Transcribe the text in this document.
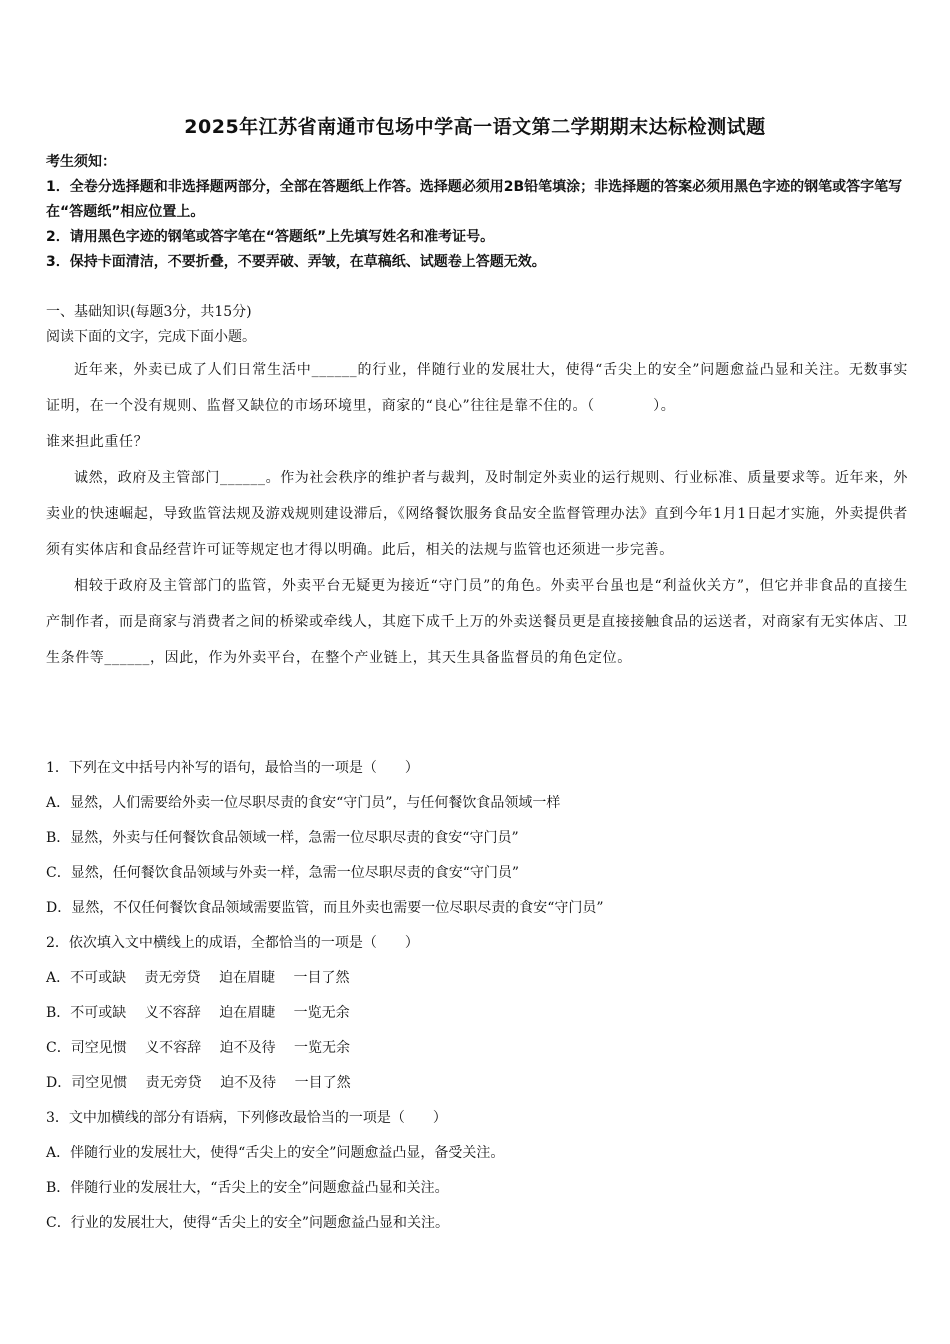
2025年江苏省南通市包场中学高一语文第二学期期末达标检测试题

考生须知：

1．全卷分选择题和非选择题两部分，全部在答题纸上作答。选择题必须用2B铅笔填涂；非选择题的答案必须用黑色字迹的钢笔或答字笔写在“答题纸”相应位置上。

2．请用黑色字迹的钢笔或答字笔在“答题纸”上先填写姓名和准考证号。

3．保持卡面清洁，不要折叠，不要弄破、弄皱，在草稿纸、试题卷上答题无效。

一、基础知识(每题3分，共15分)

阅读下面的文字，完成下面小题。

近年来，外卖已成了人们日常生活中______的行业，伴随行业的发展壮大，使得“舌尖上的安全”问题愈益凸显和关注。无数事实证明，在一个没有规则、监督又缺位的市场环境里，商家的“良心”往往是靠不住的。（　　　　）。

谁来担此重任？

诚然，政府及主管部门______。作为社会秩序的维护者与裁判，及时制定外卖业的运行规则、行业标准、质量要求等。近年来，外卖业的快速崛起，导致监管法规及游戏规则建设滞后，《网络餐饮服务食品安全监督管理办法》直到今年1月1日起才实施，外卖提供者须有实体店和食品经营许可证等规定也才得以明确。此后，相关的法规与监管也还须进一步完善。

相较于政府及主管部门的监管，外卖平台无疑更为接近“守门员”的角色。外卖平台虽也是“利益伙关方”，但它并非食品的直接生产制作者，而是商家与消费者之间的桥梁或牵线人，其庭下成千上万的外卖送餐员更是直接接触食品的运送者，对商家有无实体店、卫生条件等______，因此，作为外卖平台，在整个产业链上，其天生具备监督员的角色定位。

1．下列在文中括号内补写的语句，最恰当的一项是（　　）

A．显然，人们需要给外卖一位尽职尽责的食安“守门员”，与任何餐饮食品领域一样

B．显然，外卖与任何餐饮食品领域一样，急需一位尽职尽责的食安“守门员”

C．显然，任何餐饮食品领域与外卖一样，急需一位尽职尽责的食安“守门员”

D．显然，不仅任何餐饮食品领域需要监管，而且外卖也需要一位尽职尽责的食安“守门员”

2．依次填入文中横线上的成语，全都恰当的一项是（　　）

A．不可或缺　 责无旁贷　 迫在眉睫　 一目了然

B．不可或缺　 义不容辞　 迫在眉睫　 一览无余

C．司空见惯　 义不容辞　 迫不及待　 一览无余

D．司空见惯　 责无旁贷　 迫不及待　 一目了然

3．文中加横线的部分有语病，下列修改最恰当的一项是（　　）

A．伴随行业的发展壮大，使得“舌尖上的安全”问题愈益凸显，备受关注。

B．伴随行业的发展壮大，“舌尖上的安全”问题愈益凸显和关注。

C．行业的发展壮大，使得“舌尖上的安全”问题愈益凸显和关注。
